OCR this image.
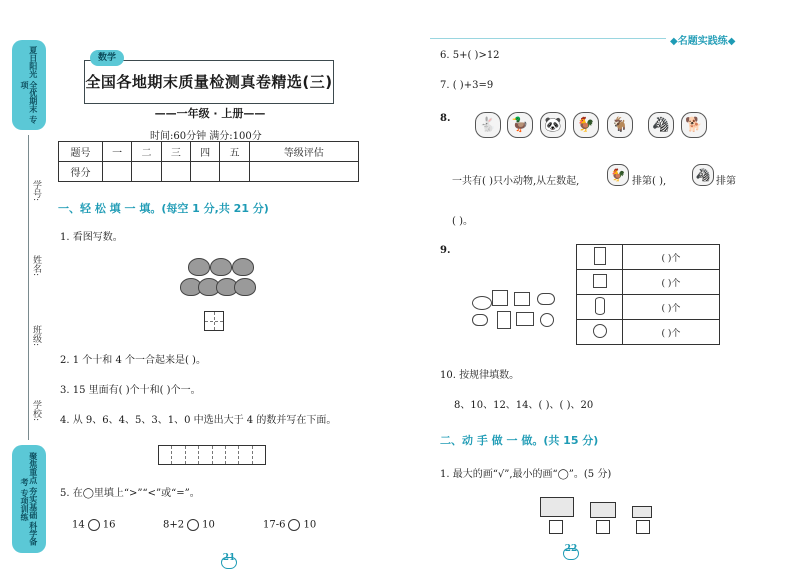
夏日阳光 全优期末 专项
学号:
姓名:
班级:
学校:
聚焦重点 夯实基础 科学备考 专项训练
全国各地期末质量检测真卷精选(三)
数学
——一年级 · 上册——
时间:60分钟 满分:100分
题号	一	二	三	四	五	等级评估
得分						
一、轻 松 填 一 填。(每空 1 分,共 21 分)
1. 看图写数。
2. 1 个十和 4 个一合起来是( )。
3. 15 里面有( )个十和( )个一。
4. 从 9、6、4、5、3、1、0 中选出大于 4 的数并写在下面。
5. 在◯里填上“>”“<”或“=”。
14 16	8+2 10	17-6 10
21
◆名题实践练◆
6. 5+( )>12
7. ( )+3=9
8.	🐇	🦆	🐼	🐓	🐐	🦓	🐕
一共有( )只小动物,从左数起,	🐓 排第( ), 🦓 排第
( )。
9.
	( )个
	( )个
	( )个
	( )个
10. 按规律填数。
8、10、12、14、( )、( )、20
二、动 手 做 一 做。(共 15 分)
1. 最大的画“√”,最小的画“◯”。(5 分)
22
